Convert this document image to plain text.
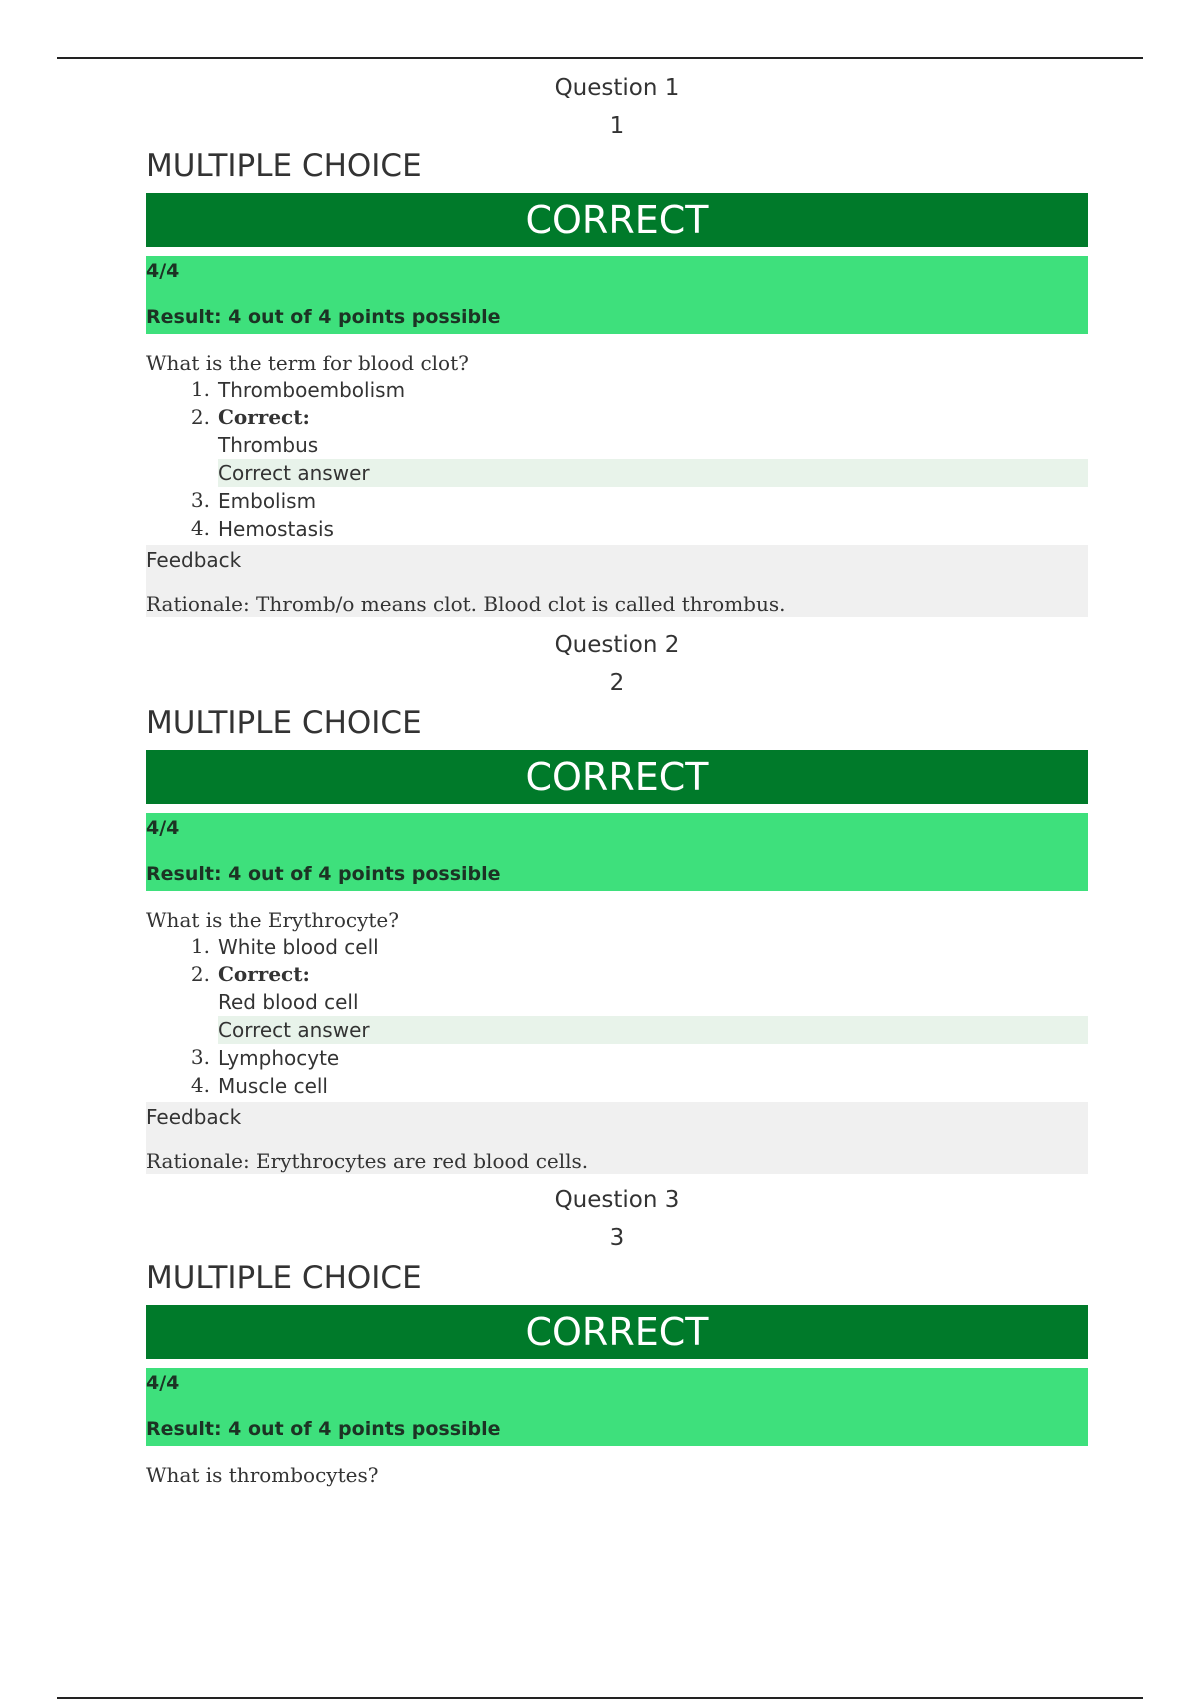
Question 1
1
MULTIPLE CHOICE
CORRECT
4/4
Result: 4 out of 4 points possible
What is the term for blood clot?
1. Thromboembolism
2. Correct:
Thrombus
Correct answer
3. Embolism
4. Hemostasis
Feedback
Rationale: Thromb/o means clot. Blood clot is called thrombus.
Question 2
2
MULTIPLE CHOICE
CORRECT
4/4
Result: 4 out of 4 points possible
What is the Erythrocyte?
1. White blood cell
2. Correct:
Red blood cell
Correct answer
3. Lymphocyte
4. Muscle cell
Feedback
Rationale: Erythrocytes are red blood cells.
Question 3
3
MULTIPLE CHOICE
CORRECT
4/4
Result: 4 out of 4 points possible
What is thrombocytes?
